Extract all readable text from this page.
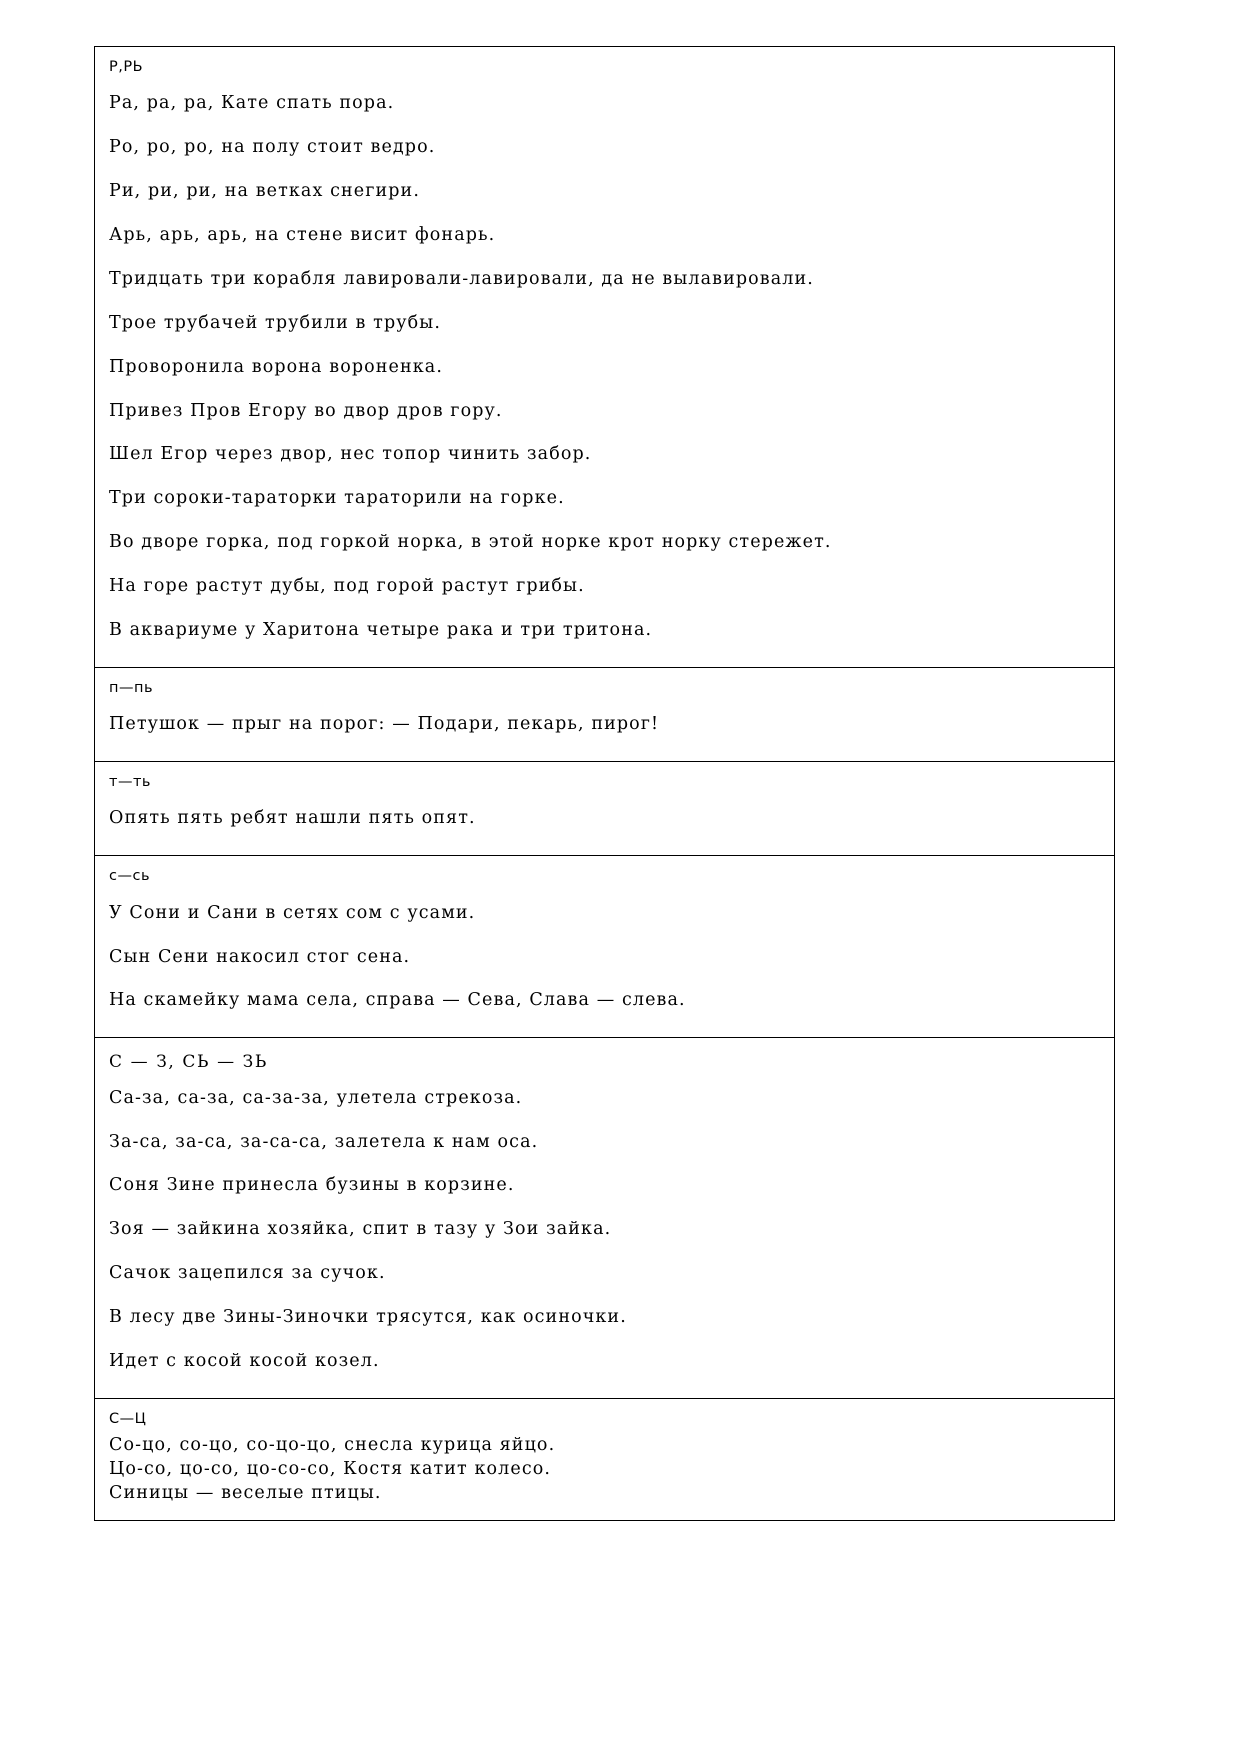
Р,РЬ
Ра, ра, ра, Кате спать пора.
Ро, ро, ро, на полу стоит ведро.
Ри, ри, ри, на ветках снегири.
Арь, арь, арь, на стене висит фонарь.
Тридцать три корабля лавировали-лавировали, да не вылавировали.
Трое трубачей трубили в трубы.
Проворонила ворона вороненка.
Привез Пров Егору во двор дров гору.
Шел Егор через двор, нес топор чинить забор.
Три сороки-тараторки тараторили на горке.
Во дворе горка, под горкой норка, в этой норке крот норку стережет.
На горе растут дубы, под горой растут грибы.
В аквариуме у Харитона четыре рака и три тритона.

п—пь
Петушок — прыг на порог: — Подари, пекарь, пирог!

т—ть
Опять пять ребят нашли пять опят.

с—сь
У Сони и Сани в сетях сом с усами.
Сын Сени накосил стог сена.
На скамейку мама села, справа — Сева, Слава — слева.

С — З, СЬ — ЗЬ
Са-за, са-за, са-за-за, улетела стрекоза.
За-са, за-са, за-са-са, залетела к нам оса.
Соня Зине принесла бузины в корзине.
Зоя — зайкина хозяйка, спит в тазу у Зои зайка.
Сачок зацепился за сучок.
В лесу две Зины-Зиночки трясутся, как осиночки.
Идет с косой косой козел.

С—Ц
Со-цо, со-цо, со-цо-цо, снесла курица яйцо.
Цо-со, цо-со, цо-со-со, Костя катит колесо.
Синицы — веселые птицы.
